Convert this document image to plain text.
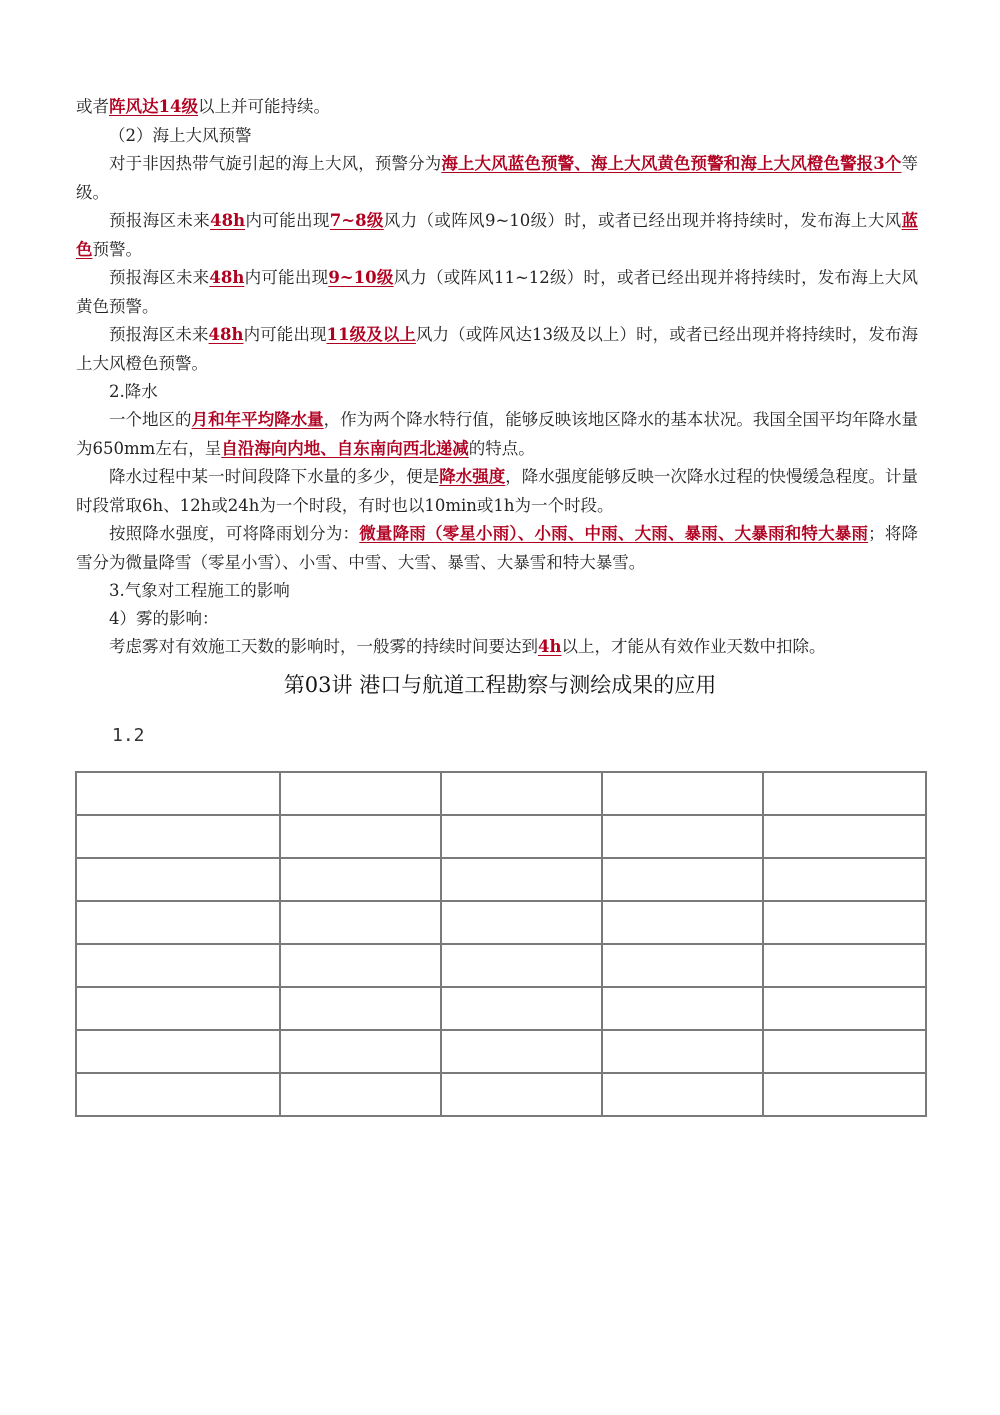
或者阵风达14级以上并可能持续。

（2）海上大风预警

对于非因热带气旋引起的海上大风，预警分为海上大风蓝色预警、海上大风黄色预警和海上大风橙色警报3个等级。

预报海区未来48h内可能出现7~8级风力（或阵风9~10级）时，或者已经出现并将持续时，发布海上大风蓝色预警。

预报海区未来48h内可能出现9~10级风力（或阵风11~12级）时，或者已经出现并将持续时，发布海上大风黄色预警。

预报海区未来48h内可能出现11级及以上风力（或阵风达13级及以上）时，或者已经出现并将持续时，发布海上大风橙色预警。

2.降水

一个地区的月和年平均降水量，作为两个降水特行值，能够反映该地区降水的基本状况。我国全国平均年降水量为650mm左右，呈自沿海向内地、自东南向西北递减的特点。

降水过程中某一时间段降下水量的多少，便是降水强度，降水强度能够反映一次降水过程的快慢缓急程度。计量时段常取6h、12h或24h为一个时段，有时也以10min或1h为一个时段。

按照降水强度，可将降雨划分为：微量降雨（零星小雨）、小雨、中雨、大雨、暴雨、大暴雨和特大暴雨；将降雪分为微量降雪（零星小雪）、小雪、中雪、大雪、暴雪、大暴雪和特大暴雪。

3.气象对工程施工的影响

4）雾的影响：

考虑雾对有效施工天数的影响时，一般雾的持续时间要达到4h以上，才能从有效作业天数中扣除。

第03讲 港口与航道工程勘察与测绘成果的应用
1.2
